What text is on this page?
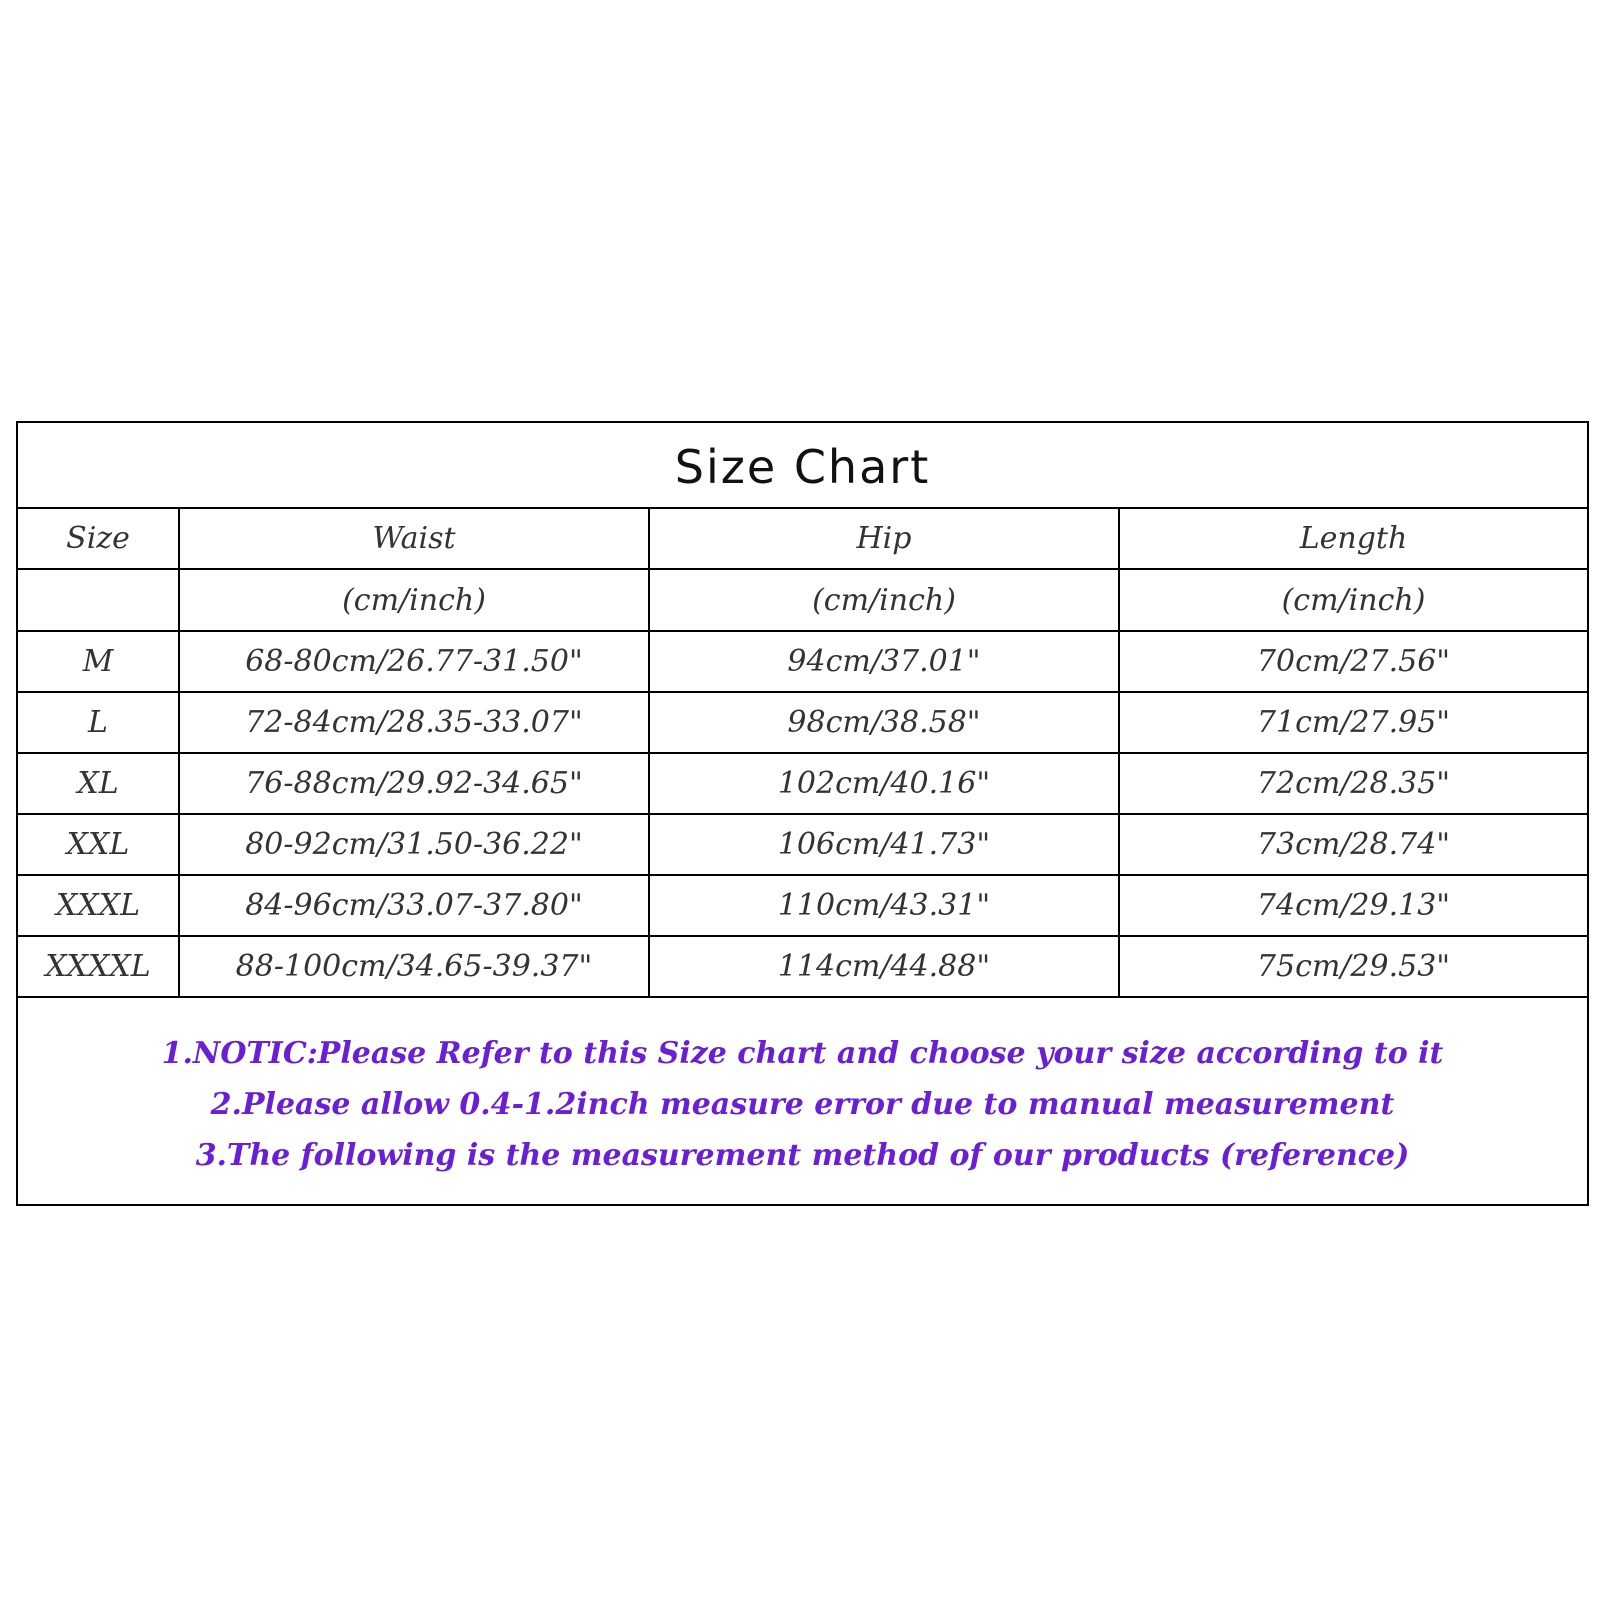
Size Chart
Size	Waist	Hip	Length
	(cm/inch)	(cm/inch)	(cm/inch)
M	68-80cm/26.77-31.50"	94cm/37.01"	70cm/27.56"
L	72-84cm/28.35-33.07"	98cm/38.58"	71cm/27.95"
XL	76-88cm/29.92-34.65"	102cm/40.16"	72cm/28.35"
XXL	80-92cm/31.50-36.22"	106cm/41.73"	73cm/28.74"
XXXL	84-96cm/33.07-37.80"	110cm/43.31"	74cm/29.13"
XXXXL	88-100cm/34.65-39.37"	114cm/44.88"	75cm/29.53"
1.NOTIC:Please Refer to this Size chart and choose your size according to it
2.Please allow 0.4-1.2inch measure error due to manual measurement
3.The following is the measurement method of our products (reference)
